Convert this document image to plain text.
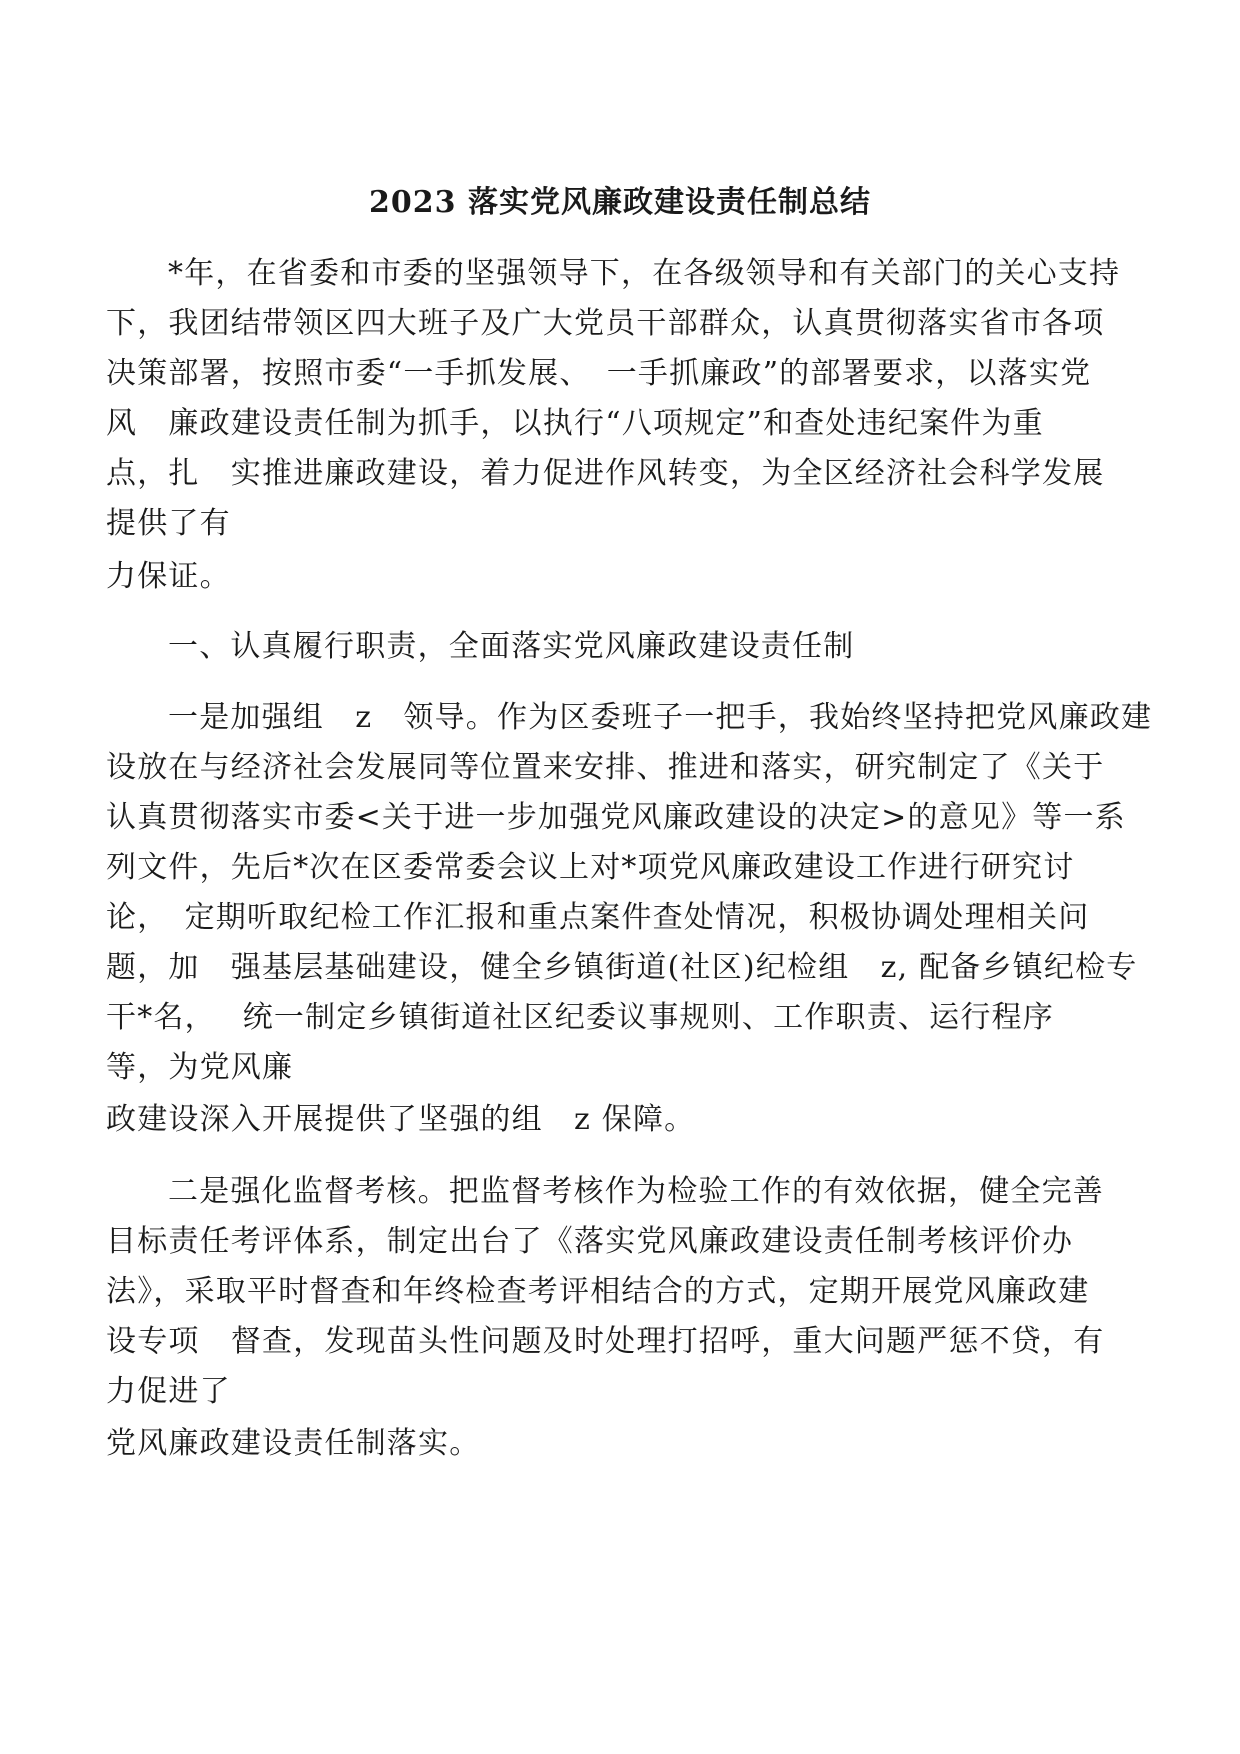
2023 落实党风廉政建设责任制总结
*年，在省委和市委的坚强领导下，在各级领导和有关部门的关心支持
下，我团结带领区四大班子及广大党员干部群众，认真贯彻落实省市各项
决策部署，按照市委“一手抓发展、　一手抓廉政”的部署要求，以落实党
风　廉政建设责任制为抓手，以执行“八项规定”和查处违纪案件为重
点，扎　实推进廉政建设，着力促进作风转变，为全区经济社会科学发展
提供了有
力保证。
一、认真履行职责，全面落实党风廉政建设责任制
一是加强组　z　领导。作为区委班子一把手，我始终坚持把党风廉政建
设放在与经济社会发展同等位置来安排、推进和落实，研究制定了《关于
认真贯彻落实市委<关于进一步加强党风廉政建设的决定>的意见》等一系
列文件，先后*次在区委常委会议上对*项党风廉政建设工作进行研究讨
论，　定期听取纪检工作汇报和重点案件查处情况，积极协调处理相关问
题，加　强基层基础建设，健全乡镇街道(社区)纪检组　z, 配备乡镇纪检专
干*名，　 统一制定乡镇街道社区纪委议事规则、工作职责、运行程序
等，为党风廉
政建设深入开展提供了坚强的组　z 保障。
二是强化监督考核。把监督考核作为检验工作的有效依据，健全完善
目标责任考评体系，制定出台了《落实党风廉政建设责任制考核评价办
法》，采取平时督查和年终检查考评相结合的方式，定期开展党风廉政建
设专项　督查，发现苗头性问题及时处理打招呼，重大问题严惩不贷，有
力促进了
党风廉政建设责任制落实。
